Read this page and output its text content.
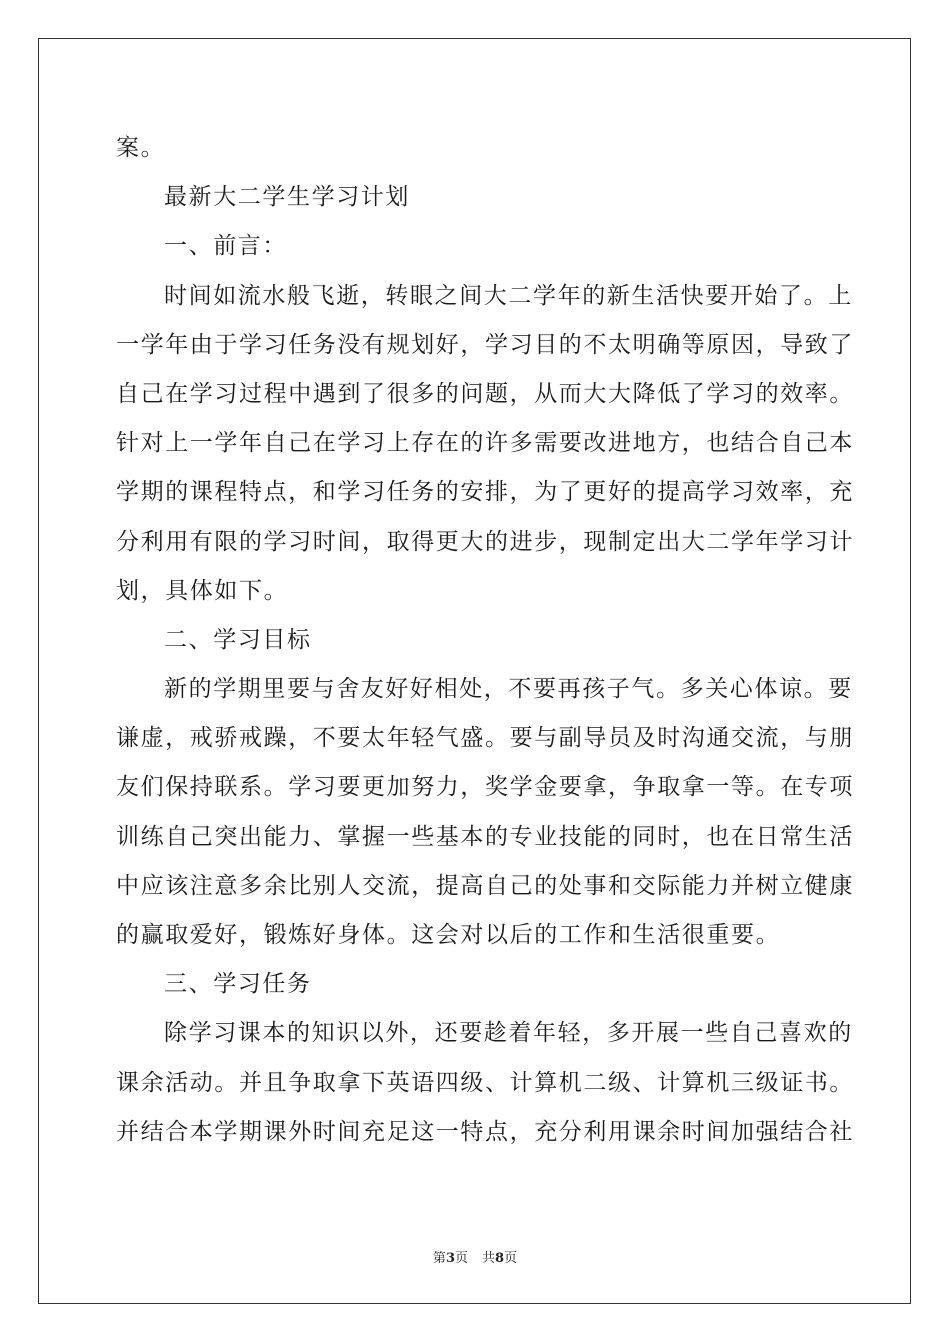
案。
最新大二学生学习计划
一、前言：
时间如流水般飞逝，转眼之间大二学年的新生活快要开始了。上
一学年由于学习任务没有规划好，学习目的不太明确等原因，导致了
自己在学习过程中遇到了很多的问题，从而大大降低了学习的效率。
针对上一学年自己在学习上存在的许多需要改进地方，也结合自己本
学期的课程特点，和学习任务的安排，为了更好的提高学习效率，充
分利用有限的学习时间，取得更大的进步，现制定出大二学年学习计
划，具体如下。
二、学习目标
新的学期里要与舍友好好相处，不要再孩子气。多关心体谅。要
谦虚，戒骄戒躁，不要太年轻气盛。要与副导员及时沟通交流，与朋
友们保持联系。学习要更加努力，奖学金要拿，争取拿一等。在专项
训练自己突出能力、掌握一些基本的专业技能的同时，也在日常生活
中应该注意多余比别人交流，提高自己的处事和交际能力并树立健康
的赢取爱好，锻炼好身体。这会对以后的工作和生活很重要。
三、学习任务
除学习课本的知识以外，还要趁着年轻，多开展一些自己喜欢的
课余活动。并且争取拿下英语四级、计算机二级、计算机三级证书。
并结合本学期课外时间充足这一特点，充分利用课余时间加强结合社
第3页 共8页
